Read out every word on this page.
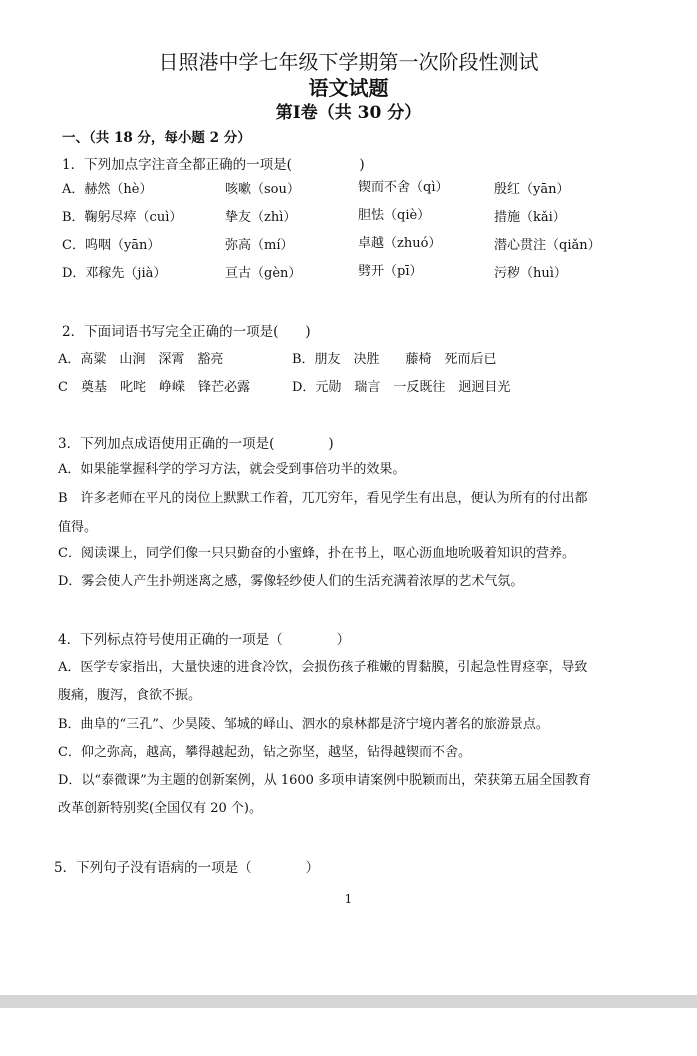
日照港中学七年级下学期第一次阶段性测试
语文试题
第Ⅰ卷（共 30 分）
一、（共 18 分，每小题 2 分）
1．下列加点字注音全都正确的一项是(　　　　　)
A．赫然（hè）	咳嗽（sou）	锲而不舍（qì）	殷红（yān）
B．鞠躬尽瘁（cuì）	挚友（zhì）	胆怯（qiè）	措施（kǎi）
C．呜咽（yān）	弥高（mí）	卓越（zhuó）	潜心贯注（qiǎn）
D．邓稼先（jià）	亘古（gèn）	劈开（pī）	污秽（huì）
2．下面词语书写完全正确的一项是(　　)
A．高粱　山涧　深霄　豁亮	B．朋友　决胜　　藤椅　死而后已
C　奠基　叱咤　峥嵘　锋芒必露	D．元勋　瑞言　一反既往　迥迥目光
3．下列加点成语使用正确的一项是(　　　　)
A．如果能掌握科学的学习方法，就会受到事倍功半的效果。
B　许多老师在平凡的岗位上默默工作着，兀兀穷年，看见学生有出息，便认为所有的付出都
值得。
C．阅读课上，同学们像一只只勤奋的小蜜蜂，扑在书上，呕心沥血地吮吸着知识的营养。
D．雾会使人产生扑朔迷离之感，雾像轻纱使人们的生活充满着浓厚的艺术气氛。
4．下列标点符号使用正确的一项是（　　　　）
A．医学专家指出，大量快速的进食冷饮，会损伤孩子稚嫩的胃黏膜，引起急性胃痉挛，导致
腹痛，腹泻，食欲不振。
B．曲阜的“三孔”、少昊陵、邹城的峄山、泗水的泉林都是济宁境内著名的旅游景点。
C．仰之弥高，越高，攀得越起劲，钻之弥坚，越坚，钻得越锲而不舍。
D．以“泰微课”为主题的创新案例，从 1600 多项申请案例中脱颖而出，荣获第五届全国教育
改革创新特别奖(全国仅有 20 个)。
5．下列句子没有语病的一项是（　　　　）
1
